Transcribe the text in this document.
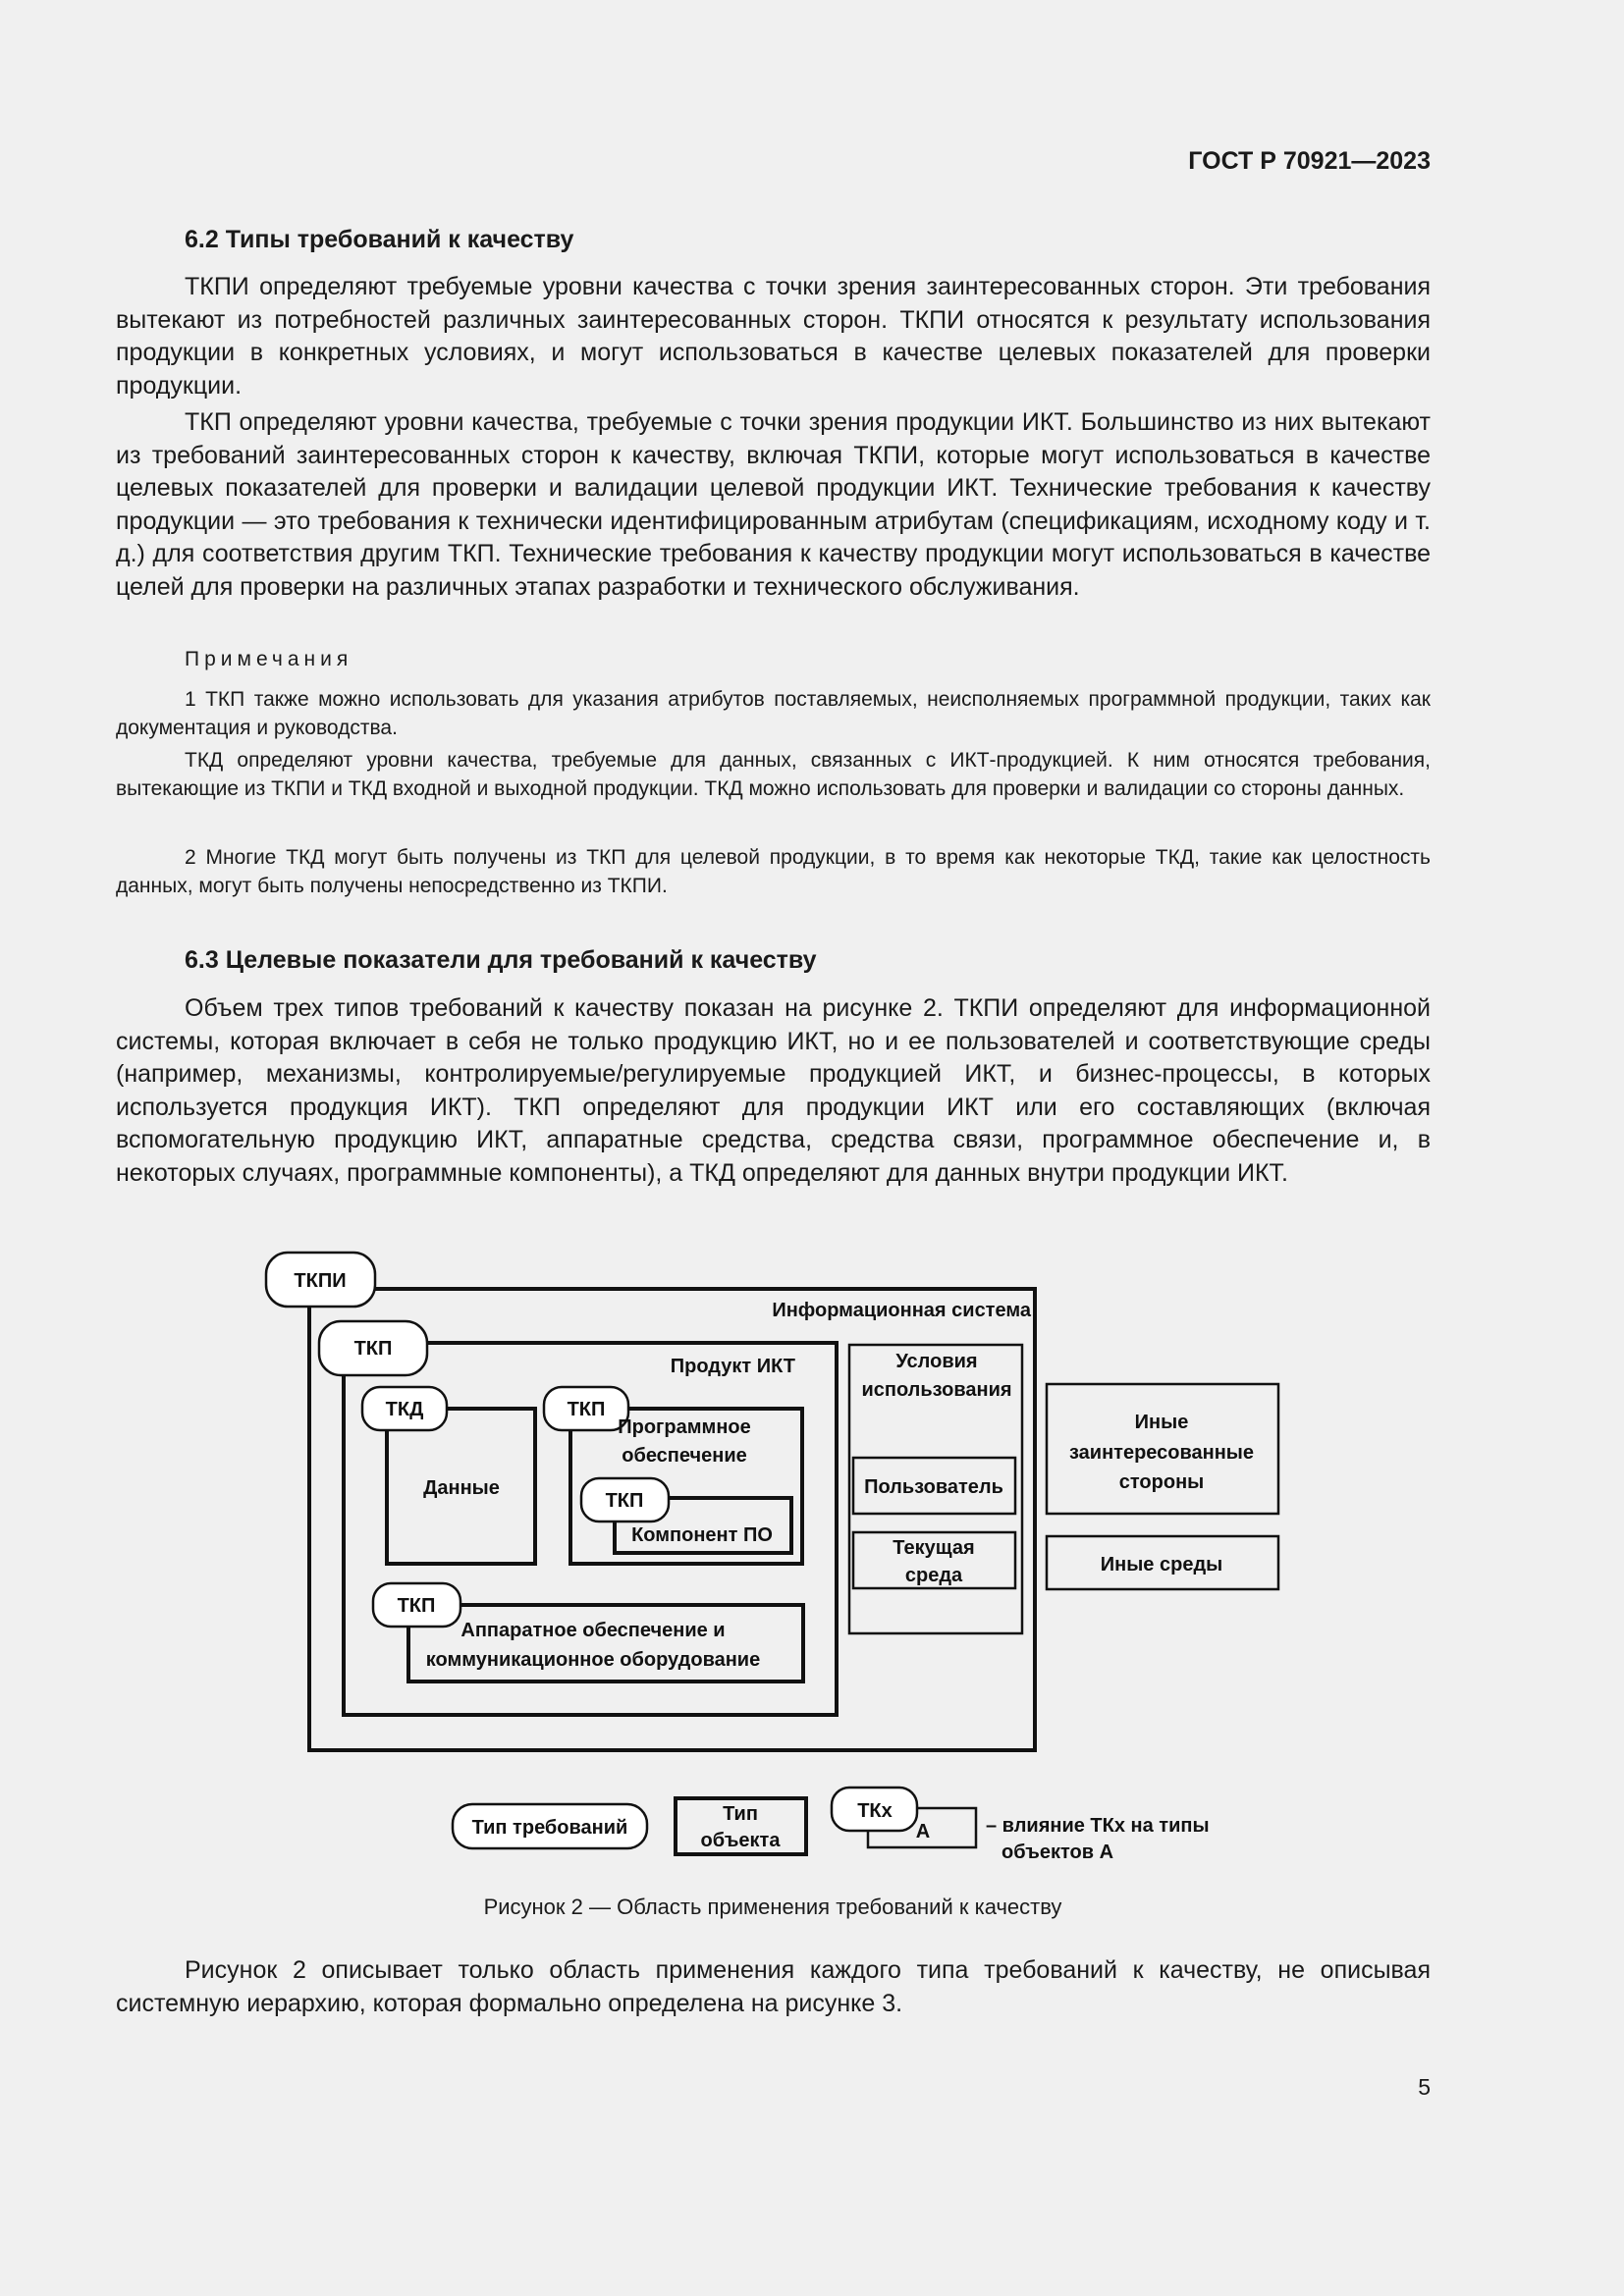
ГОСТ Р 70921—2023
6.2 Типы требований к качеству

ТКПИ определяют требуемые уровни качества с точки зрения заинтересованных сторон. Эти требования вытекают из потребностей различных заинтересованных сторон. ТКПИ относятся к результату использования продукции в конкретных условиях, и могут использоваться в качестве целевых показателей для проверки продукции.

ТКП определяют уровни качества, требуемые с точки зрения продукции ИКТ. Большинство из них вытекают из требований заинтересованных сторон к качеству, включая ТКПИ, которые могут использоваться в качестве целевых показателей для проверки и валидации целевой продукции ИКТ. Технические требования к качеству продукции — это требования к технически идентифицированным атрибутам (спецификациям, исходному коду и т. д.) для соответствия другим ТКП. Технические требования к качеству продукции могут использоваться в качестве целей для проверки на различных этапах разработки и технического обслуживания.

Примечания

1 ТКП также можно использовать для указания атрибутов поставляемых, неисполняемых программной продукции, таких как документация и руководства.

ТКД определяют уровни качества, требуемые для данных, связанных с ИКТ-продукцией. К ним относятся требования, вытекающие из ТКПИ и ТКД входной и выходной продукции. ТКД можно использовать для проверки и валидации со стороны данных.

2 Многие ТКД могут быть получены из ТКП для целевой продукции, в то время как некоторые ТКД, такие как целостность данных, могут быть получены непосредственно из ТКПИ.

6.3 Целевые показатели для требований к качеству

Объем трех типов требований к качеству показан на рисунке 2. ТКПИ определяют для информационной системы, которая включает в себя не только продукцию ИКТ, но и ее пользователей и соответствующие среды (например, механизмы, контролируемые/регулируемые продукцией ИКТ, и бизнес-процессы, в которых используется продукция ИКТ). ТКП определяют для продукции ИКТ или его составляющих (включая вспомогательную продукцию ИКТ, аппаратные средства, средства связи, программное обеспечение и, в некоторых случаях, программные компоненты), а ТКД определяют для данных внутри продукции ИКТ.

ТКПИ
Информационная система
ТКП
Продукт ИКТ
ТКД
Данные
ТКП
Программное
обеспечение
ТКП
Компонент ПО
ТКП
Аппаратное обеспечение и
коммуникационное оборудование
Условия
использования
Пользователь
Текущая
среда
Иные
заинтересованные
стороны
Иные среды
Тип требований
Тип
объекта
ТКх
A	– влияние ТКх на типы
объектов А
Рисунок 2 — Область применения требований к качеству

Рисунок 2 описывает только область применения каждого типа требований к качеству, не описывая системную иерархию, которая формально определена на рисунке 3.

5
